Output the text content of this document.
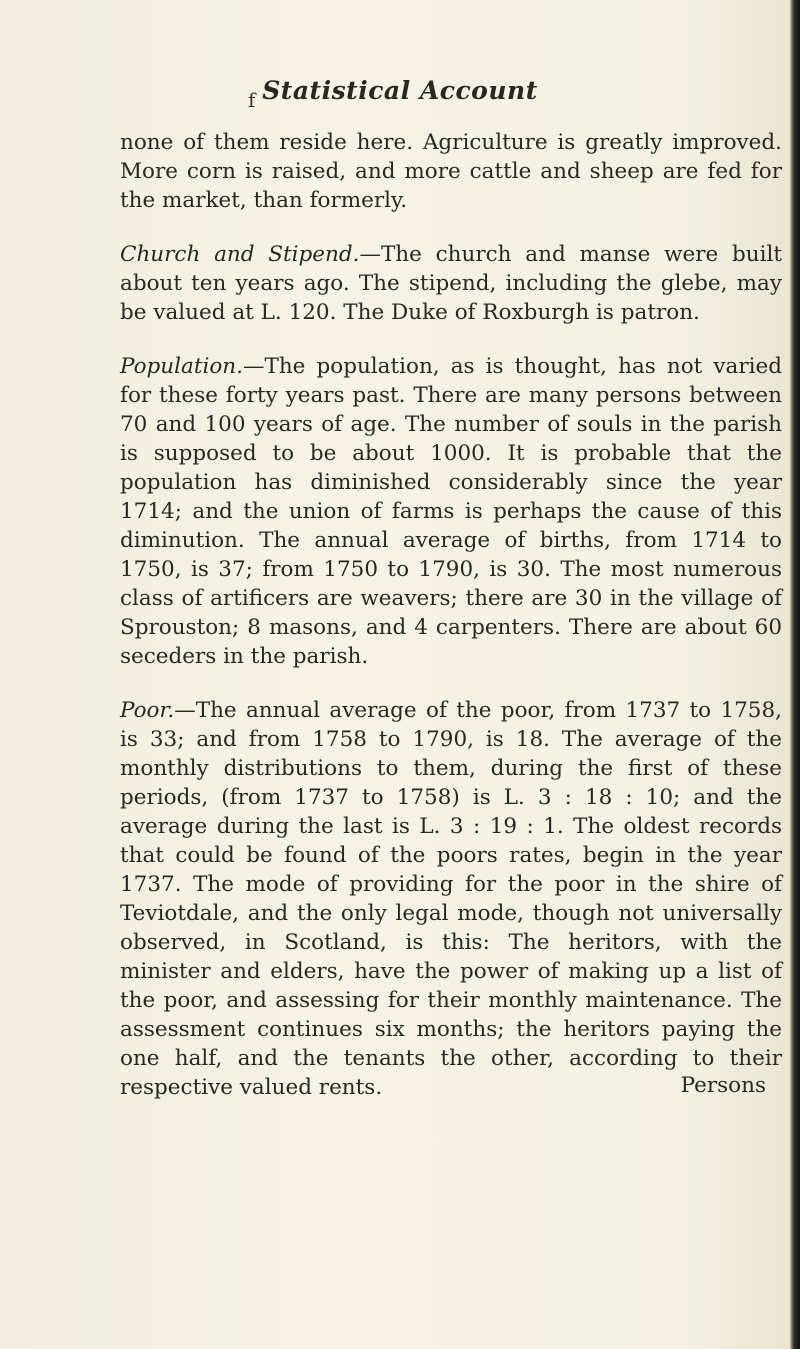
f Statistical Account

none of them reside here. Agriculture is greatly improved. More corn is raised, and more cattle and sheep are fed for the market, than formerly.

Church and Stipend.—The church and manse were built about ten years ago. The stipend, including the glebe, may be valued at L. 120. The Duke of Roxburgh is patron.

Population.—The population, as is thought, has not varied for these forty years past. There are many persons between 70 and 100 years of age. The number of souls in the parish is supposed to be about 1000. It is probable that the population has diminished considerably since the year 1714; and the union of farms is perhaps the cause of this diminution. The annual average of births, from 1714 to 1750, is 37; from 1750 to 1790, is 30. The most numerous class of artificers are weavers; there are 30 in the village of Sprouston; 8 masons, and 4 carpenters. There are about 60 seceders in the parish.

Poor.—The annual average of the poor, from 1737 to 1758, is 33; and from 1758 to 1790, is 18. The average of the monthly distributions to them, during the first of these periods, (from 1737 to 1758) is L. 3 : 18 : 10; and the average during the last is L. 3 : 19 : 1. The oldest records that could be found of the poors rates, begin in the year 1737. The mode of providing for the poor in the shire of Teviotdale, and the only legal mode, though not universally observed, in Scotland, is this: The heritors, with the minister and elders, have the power of making up a list of the poor, and assessing for their monthly maintenance. The assessment continues six months; the heritors paying the one half, and the tenants the other, according to their respective valued rents.	Persons
